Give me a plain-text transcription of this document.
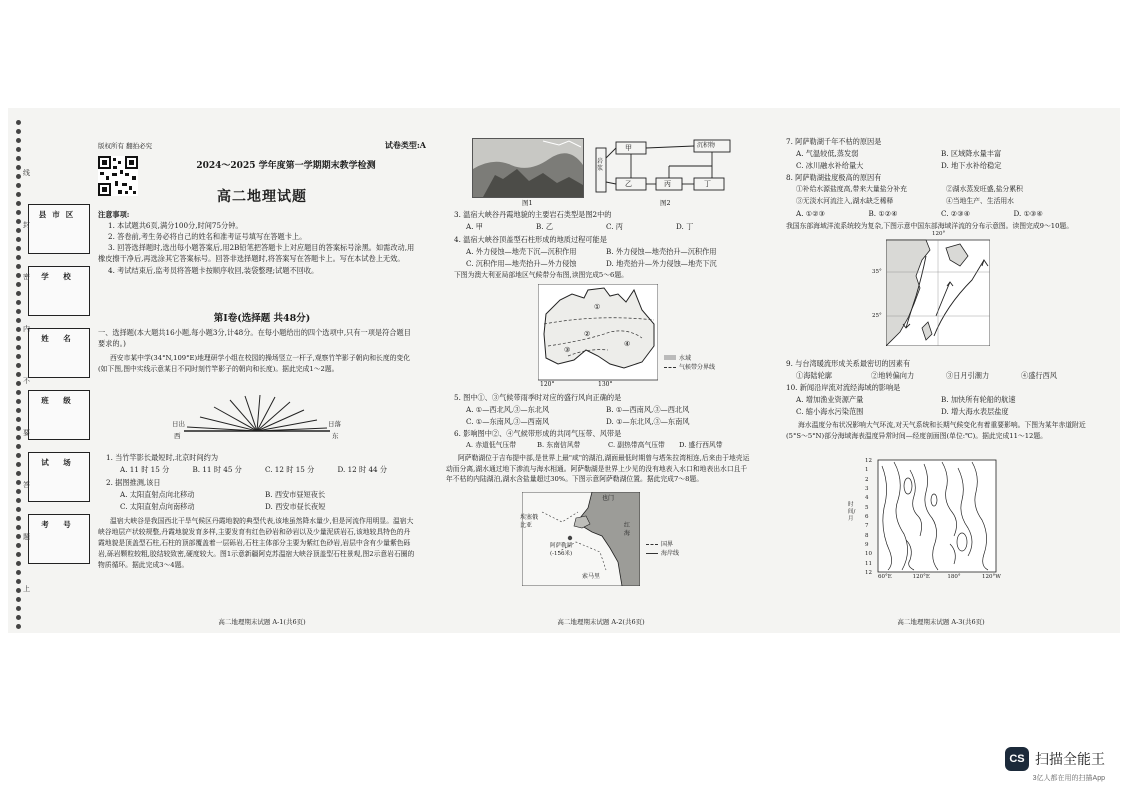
县市区
学 校
姓 名
班 级
试 场
考 号
线
封
密
内
不
要
答
题
上
版权所有 翻拍必究	试卷类型:A
2024～2025 学年度第一学期期末教学检测
高二地理试题
注意事项:
1. 本试题共6页,满分100分,时间75分钟。
2. 答卷前,考生务必将自己的姓名和准考证号填写在答题卡上。
3. 回答选择题时,选出每小题答案后,用2B铅笔把答题卡上对应题目的答案标号涂黑。如需改动,用橡皮擦干净后,再选涂其它答案标号。回答非选择题时,将答案写在答题卡上。写在本试卷上无效。
4. 考试结束后,监考员将答题卡按顺序收回,装袋整理;试题不回收。
第Ⅰ卷(选择题 共48分)
一、选择题(本大题共16小题,每小题3分,计48分。在每小题给出的四个选项中,只有一项是符合题目要求的。)
西安市某中学(34°N,109°E)地理研学小组在校园的操场竖立一杆子,观察竹竿影子朝向和长度的变化(如下图,图中实线示意某日不同时刻竹竿影子的朝向和长度)。据此完成1～2题。
日出
西
日落
东
1. 当竹竿影长最短时,北京时间约为
A. 11 时 15 分	B. 11 时 45 分	C. 12 时 15 分	D. 12 时 44 分
2. 据图推测,该日
A. 太阳直射点向北移动	B. 西安市昼短夜长
C. 太阳直射点向南移动	D. 西安市昼长夜短
温宿大峡谷是我国西北干旱气候区丹霞地貌的典型代表,该地虽然降水量少,但是河流作用明显。温宿大峡谷地层产状较规整,丹霞地貌发育多样,主要发育有红色砂岩和砂岩以及少量泥质岩石,该地较具特色的丹霞地貌是顶盖型石柱,石柱的顶部覆盖着一层砾岩,石柱主体部分主要为紫红色砂岩,岩层中含有少量紫色砾岩,砾岩颗粒较粗,胶结较致密,硬度较大。图1示意新疆阿克苏温宿大峡谷顶盖型石柱景观,图2示意岩石圈的物质循环。据此完成3～4题。
高二地理期末试题 A-1(共6页)
图1
甲	沉积物
乙	丙	丁
岩浆
图2
3. 温宿大峡谷丹霞地貌的主要岩石类型是图2中的
A. 甲	B. 乙	C. 丙	D. 丁
4. 温宿大峡谷顶盖型石柱形成的地质过程可能是
A. 外力侵蚀—地壳下沉—沉积作用	B. 外力侵蚀—地壳抬升—沉积作用
C. 沉积作用—地壳抬升—外力侵蚀	D. 地壳抬升—外力侵蚀—地壳下沉
下图为澳大利亚局部地区气候带分布图,读图完成5～6题。
①
②
③
④
120°	130°
水域
气候带分界线
5. 图中①、③气候带雨季时对应的盛行风向正确的是
A. ①—西北风,③—东北风	B. ①—西南风,③—西北风
C. ①—东南风,③—西南风	D. ①—东北风,③—东南风
6. 影响图中②、④气候带形成的共同气压带、风带是
A. 赤道低气压带	B. 东南信风带	C. 副热带高气压带	D. 盛行西风带
阿萨勒湖位于吉布提中部,是世界上最"咸"的湖泊,湖面最低时期曾与塔朱拉湾相连,后来由于地壳运动而分离,湖水通过地下渗流与海水相通。阿萨勒湖是世界上少见的没有地表入水口和地表出水口且千年不枯的内陆湖泊,湖水含盐量超过30%。下图示意阿萨勒湖位置。据此完成7～8题。
也门
红海
埃塞俄比亚
索马里
阿萨勒湖
(-156米)
国界
海岸线
高二地理期末试题 A-2(共6页)
7. 阿萨勒湖千年不枯的原因是
A. 气温较低,蒸发弱	B. 区域降水量丰富
C. 冰川融水补给量大	D. 地下水补给稳定
8. 阿萨勒湖盐度极高的原因有
①补给水源盐度高,带来大量盐分补充	②湖水蒸发旺盛,盐分累积
③无淡水河流注入,湖水缺乏稀释	④当地生产、生活用水
A. ①②③	B. ①②④	C. ②③④	D. ①③④
我国东部海域洋流系统较为复杂,下图示意中国东部海域洋流的分布示意图。读图完成9～10题。
120°
35°
25°
9. 与台湾暖流形成关系最密切的因素有
①海陆轮廓	②地转偏向力	③日月引潮力	④盛行西风
10. 新闻沿岸流对流经海域的影响是
A. 增加渔业资源产量	B. 加快所有轮船的航速
C. 缩小海水污染范围	D. 增大海水表层盐度
海水温度分布状况影响大气环流,对天气系统和长期气候变化有着重要影响。下图为某年赤道附近(5°S～5°N)部分海域海表温度异常时间—经度剖面图(单位:℃)。据此完成11～12题。
时间/月
12
1
2
3
4
5
6
7
8
9
10
11
12
60°E	120°E	180°	120°W
高二地理期末试题 A-3(共6页)
CS 扫描全能王
3亿人都在用的扫描App
